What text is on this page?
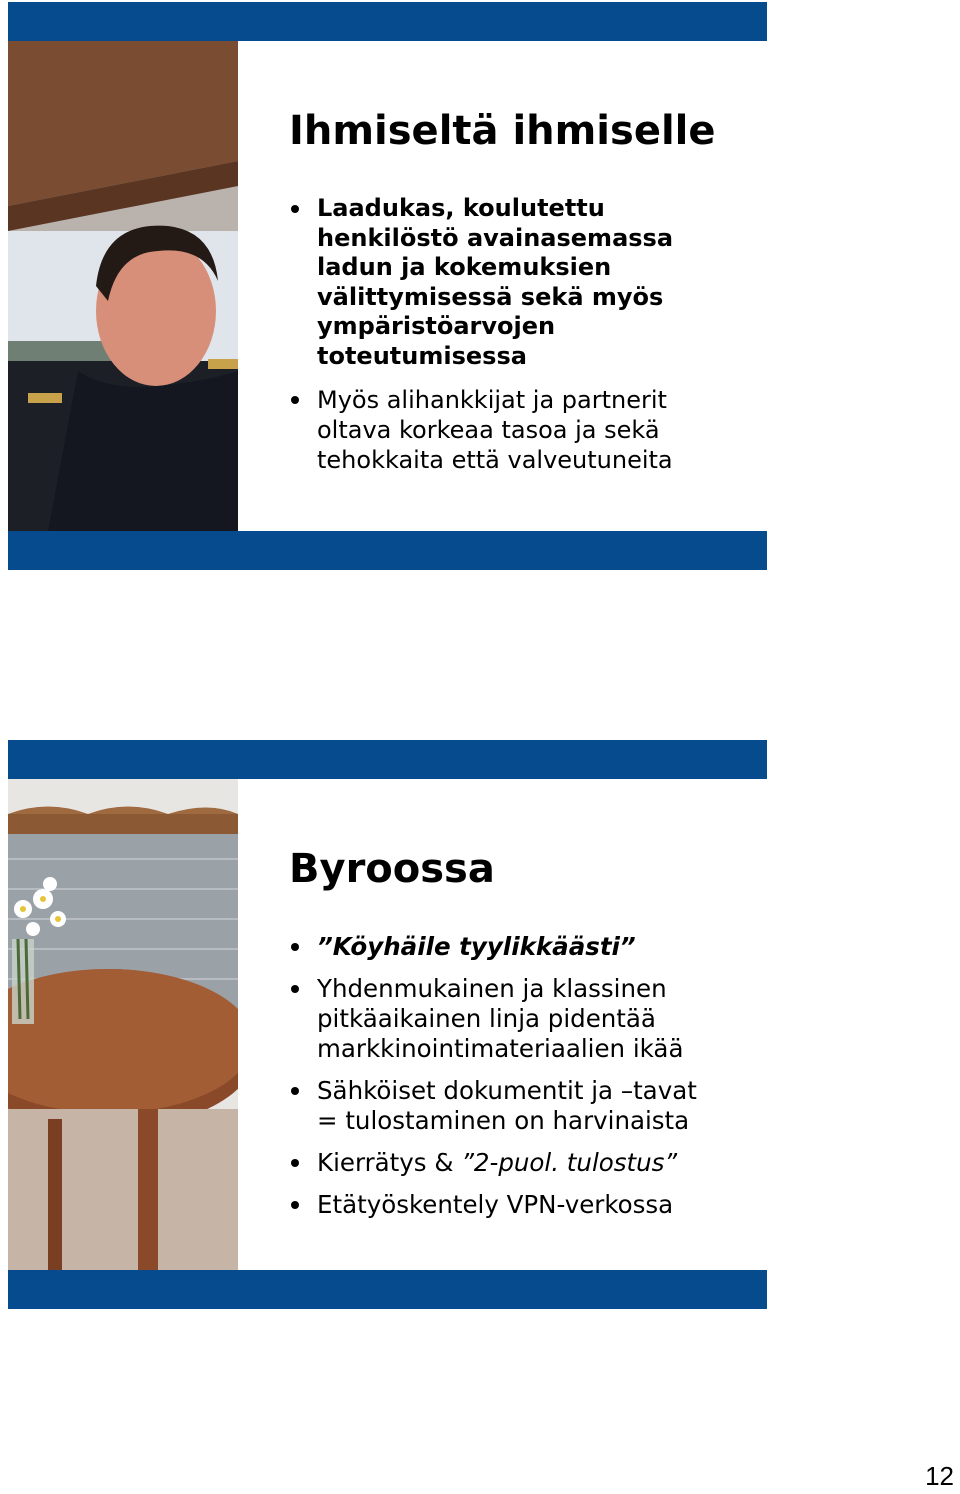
Ihmiseltä ihmiselle
Laadukas, koulutettu
henkilöstö avainasemassa
ladun ja kokemuksien
välittymisessä sekä myös
ympäristöarvojen
toteutumisessa
Myös alihankkijat ja partnerit
oltava korkeaa tasoa ja sekä
tehokkaita että valveutuneita
Byroossa
”Köyhäile tyylikkäästi”
Yhdenmukainen ja klassinen
pitkäaikainen linja pidentää
markkinointimateriaalien ikää
Sähköiset dokumentit ja –tavat
= tulostaminen on harvinaista
Kierrätys & ”2-puol. tulostus”
Etätyöskentely VPN-verkossa
12
